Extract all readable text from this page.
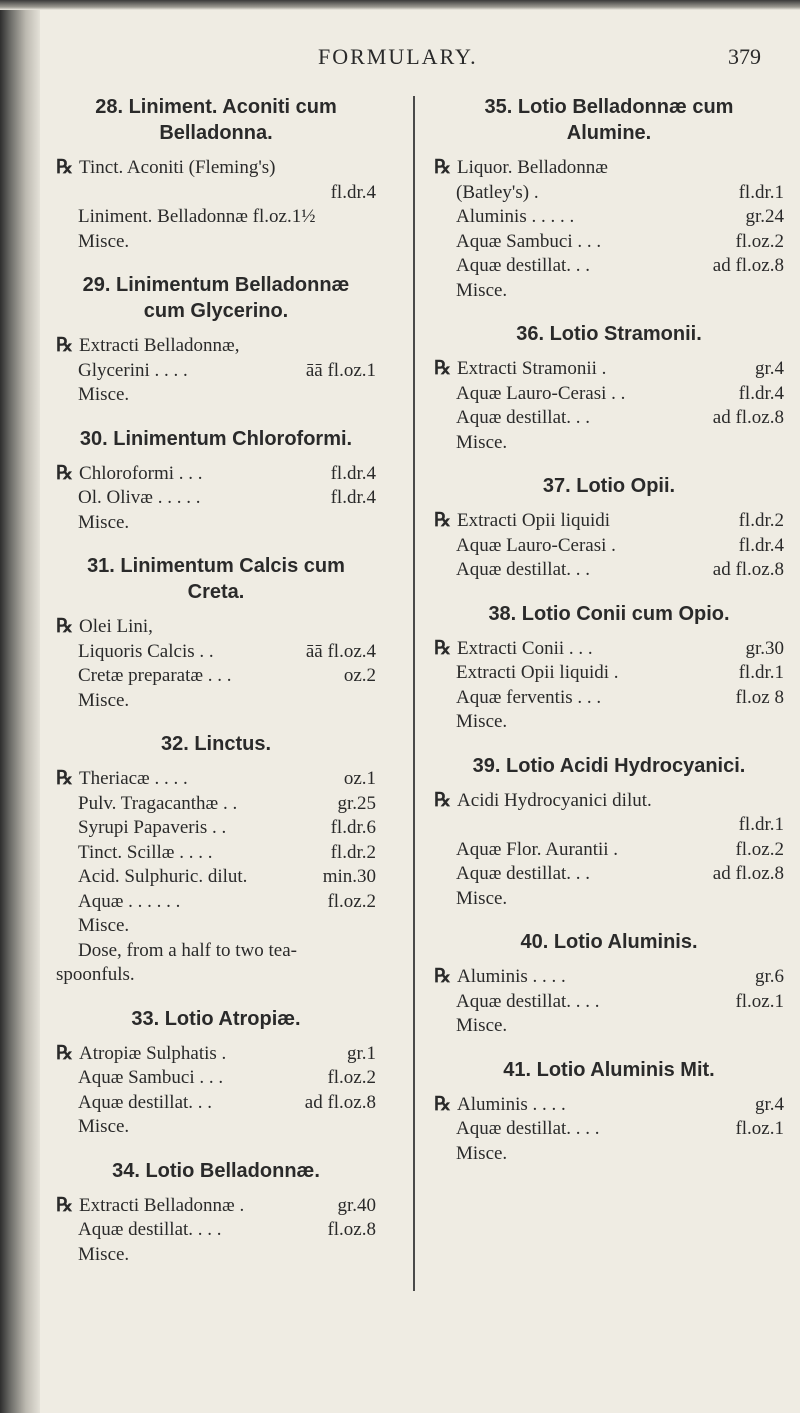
FORMULARY.	379
28. Liniment. Aconiti cum
Belladonna.
℞ Tinct. Aconiti (Fleming's)
fl.dr.4
Liniment. Belladonnæ fl.oz.1½
Misce.
29. Linimentum Belladonnæ
cum Glycerino.
℞ Extracti Belladonnæ,
Glycerini . . . .	āā fl.oz.1
Misce.
30. Linimentum Chloroformi.
℞ Chloroformi . . .	fl.dr.4
Ol. Olivæ . . . . .	fl.dr.4
Misce.
31. Linimentum Calcis cum
Creta.
℞ Olei Lini,
Liquoris Calcis . .	āā fl.oz.4
Cretæ preparatæ . . .	oz.2
Misce.
32. Linctus.
℞ Theriacæ . . . .	oz.1
Pulv. Tragacanthæ . .	gr.25
Syrupi Papaveris . .	fl.dr.6
Tinct. Scillæ . . . .	fl.dr.2
Acid. Sulphuric. dilut.	min.30
Aquæ . . . . . .	fl.oz.2
Misce.
Dose, from a half to two tea-
spoonfuls.
33. Lotio Atropiæ.
℞ Atropiæ Sulphatis .	gr.1
Aquæ Sambuci . . .	fl.oz.2
Aquæ destillat. . .	ad fl.oz.8
Misce.
34. Lotio Belladonnæ.
℞ Extracti Belladonnæ .	gr.40
Aquæ destillat. . . .	fl.oz.8
Misce.
35. Lotio Belladonnæ cum
Alumine.
℞ Liquor. Belladonnæ
(Batley's) .	fl.dr.1
Aluminis . . . . .	gr.24
Aquæ Sambuci . . .	fl.oz.2
Aquæ destillat. . .	ad fl.oz.8
Misce.
36. Lotio Stramonii.
℞ Extracti Stramonii .	gr.4
Aquæ Lauro-Cerasi . .	fl.dr.4
Aquæ destillat. . .	ad fl.oz.8
Misce.
37. Lotio Opii.
℞ Extracti Opii liquidi	fl.dr.2
Aquæ Lauro-Cerasi .	fl.dr.4
Aquæ destillat. . .	ad fl.oz.8
38. Lotio Conii cum Opio.
℞ Extracti Conii . . .	gr.30
Extracti Opii liquidi .	fl.dr.1
Aquæ ferventis . . .	fl.oz 8
Misce.
39. Lotio Acidi Hydrocyanici.
℞ Acidi Hydrocyanici dilut.
fl.dr.1
Aquæ Flor. Aurantii .	fl.oz.2
Aquæ destillat. . .	ad fl.oz.8
Misce.
40. Lotio Aluminis.
℞ Aluminis . . . .	gr.6
Aquæ destillat. . . .	fl.oz.1
Misce.
41. Lotio Aluminis Mit.
℞ Aluminis . . . .	gr.4
Aquæ destillat. . . .	fl.oz.1
Misce.
